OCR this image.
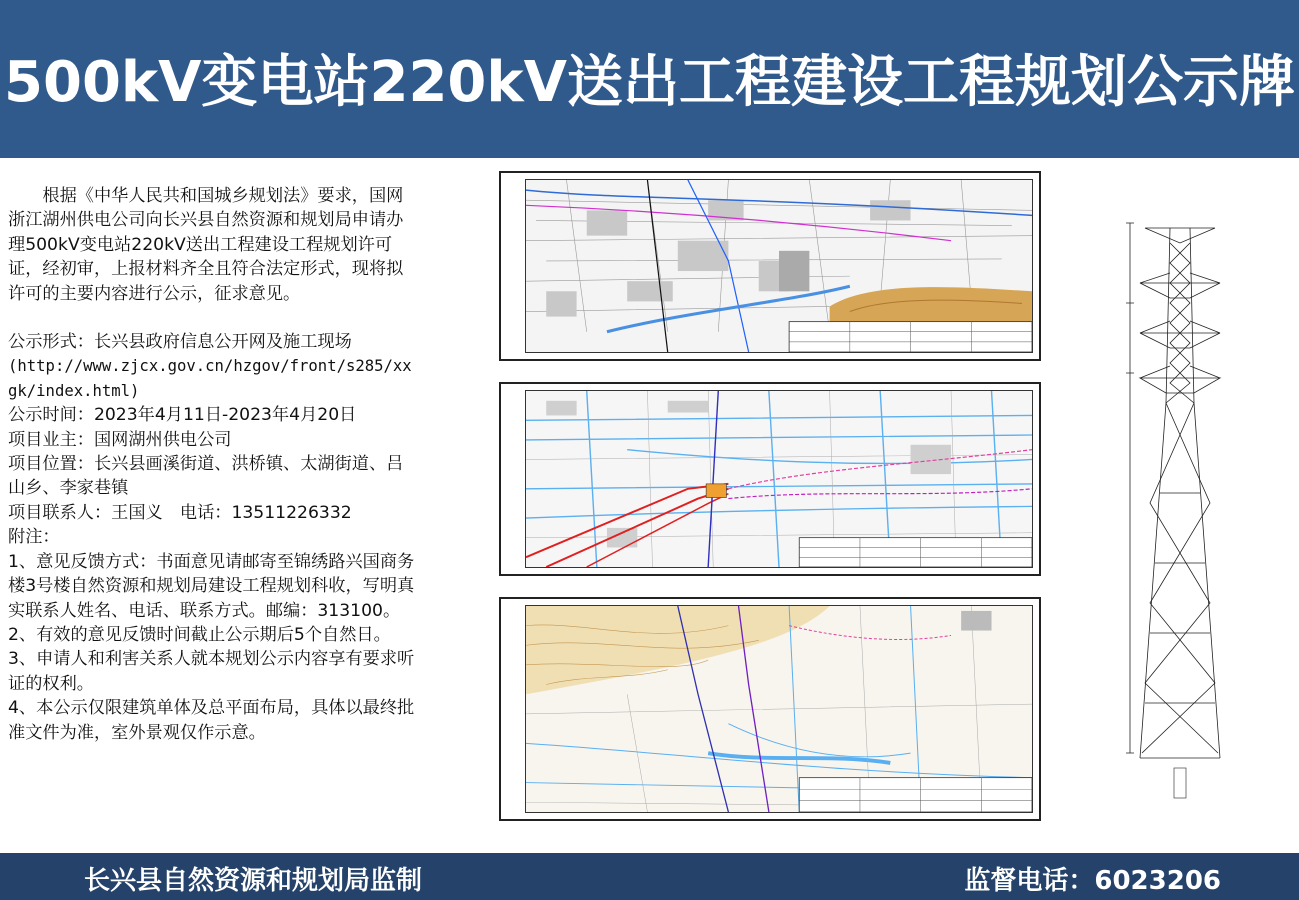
500kV变电站220kV送出工程建设工程规划公示牌

根据《中华人民共和国城乡规划法》要求，国网浙江湖州供电公司向长兴县自然资源和规划局申请办理500kV变电站220kV送出工程建设工程规划许可证，经初审，上报材料齐全且符合法定形式，现将拟许可的主要内容进行公示，征求意见。

公示形式：长兴县政府信息公开网及施工现场

(http://www.zjcx.gov.cn/hzgov/front/s285/xxgk/index.html)

公示时间：2023年4月11日-2023年4月20日

项目业主：国网湖州供电公司

项目位置：长兴县画溪街道、洪桥镇、太湖街道、吕山乡、李家巷镇

项目联系人：王国义　电话：13511226332

附注：

1、意见反馈方式：书面意见请邮寄至锦绣路兴国商务楼3号楼自然资源和规划局建设工程规划科收，写明真实联系人姓名、电话、联系方式。邮编：313100。

2、有效的意见反馈时间截止公示期后5个自然日。

3、申请人和利害关系人就本规划公示内容享有要求听证的权利。

4、本公示仅限建筑单体及总平面布局，具体以最终批准文件为准，室外景观仅作示意。

长兴县自然资源和规划局监制	监督电话：6023206
